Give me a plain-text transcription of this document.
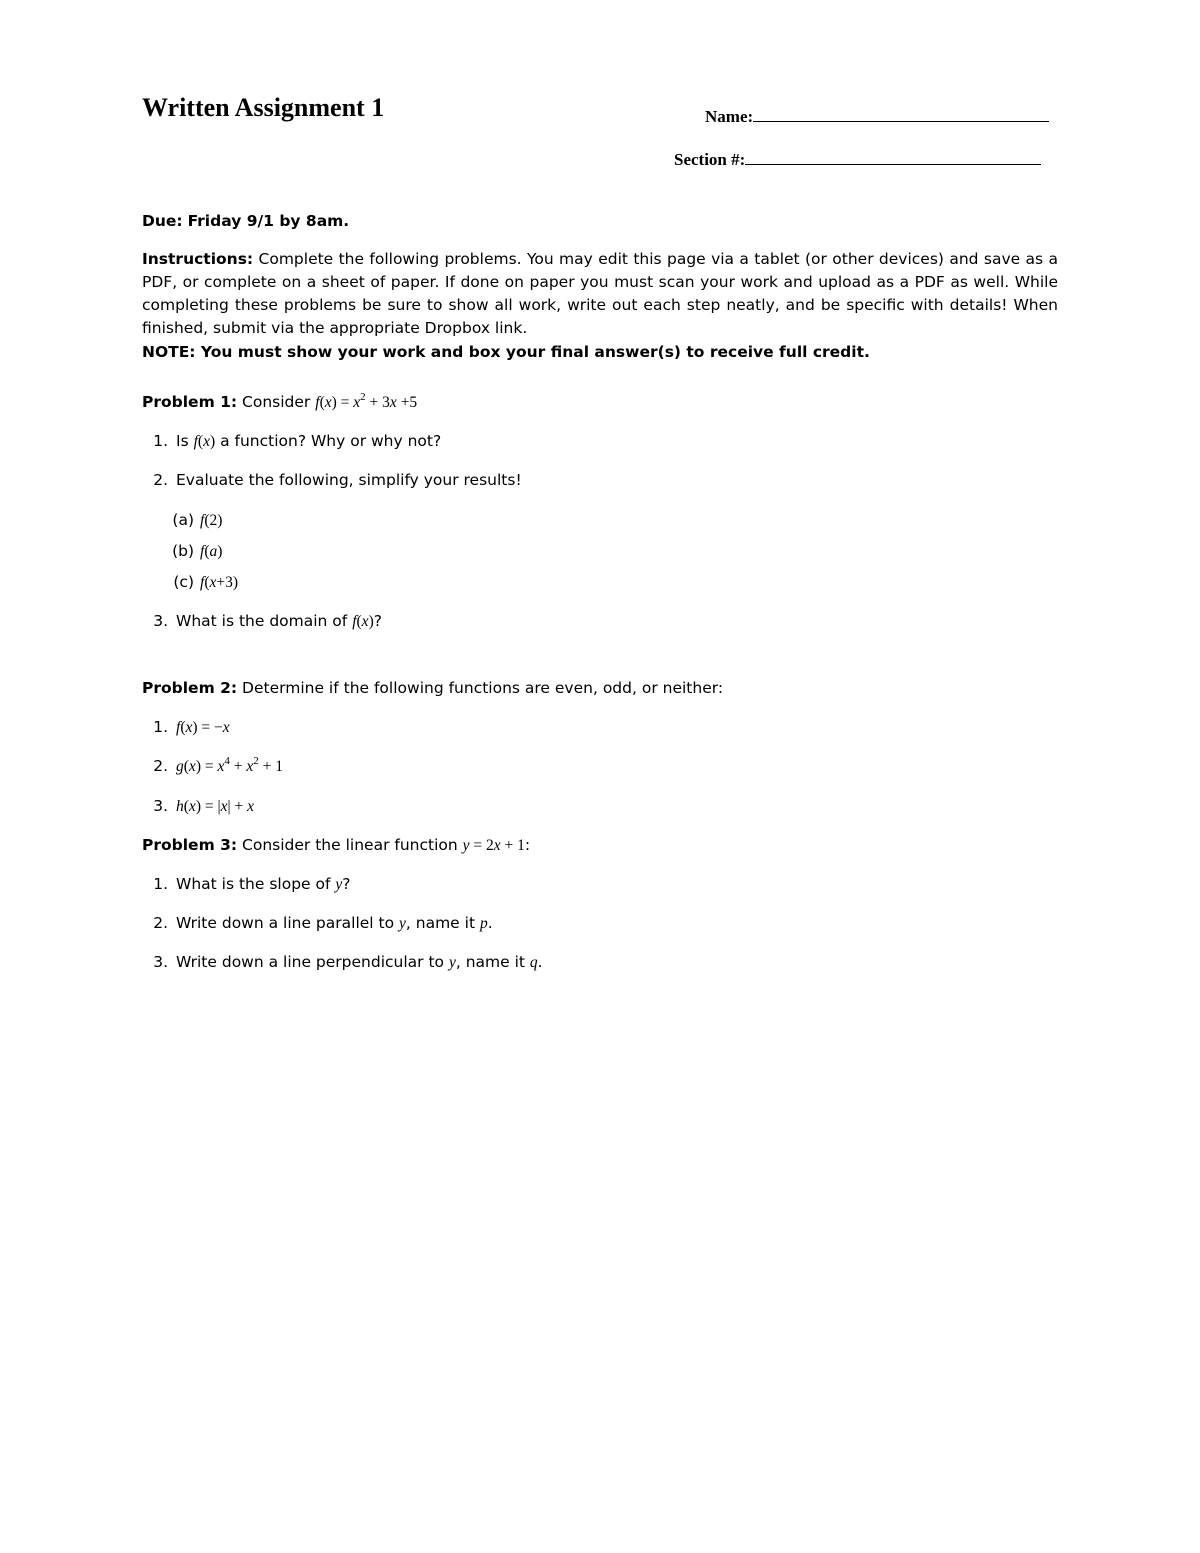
Written Assignment 1	Name:
Section #:
Due: Friday 9/1 by 8am.
Instructions: Complete the following problems. You may edit this page via a tablet (or other devices) and save as a PDF, or complete on a sheet of paper. If done on paper you must scan your work and upload as a PDF as well. While completing these problems be sure to show all work, write out each step neatly, and be specific with details! When finished, submit via the appropriate Dropbox link.
NOTE: You must show your work and box your final answer(s) to receive full credit.
Problem 1: Consider $f(x) = x^2 + 3x +5$
1. Is f(x) a function? Why or why not?
2. Evaluate the following, simplify your results!
(a) f(2)
(b) f(a)
(c) f(x+3)
3. What is the domain of f(x)?
Problem 2: Determine if the following functions are even, odd, or neither:
1. f(x) = −x
2. $g(x) = x^4 + x^2 + 1$
3. h(x) = |x| + x
Problem 3: Consider the linear function y = 2x + 1:
1. What is the slope of y?
2. Write down a line parallel to y, name it p.
3. Write down a line perpendicular to y, name it q.
